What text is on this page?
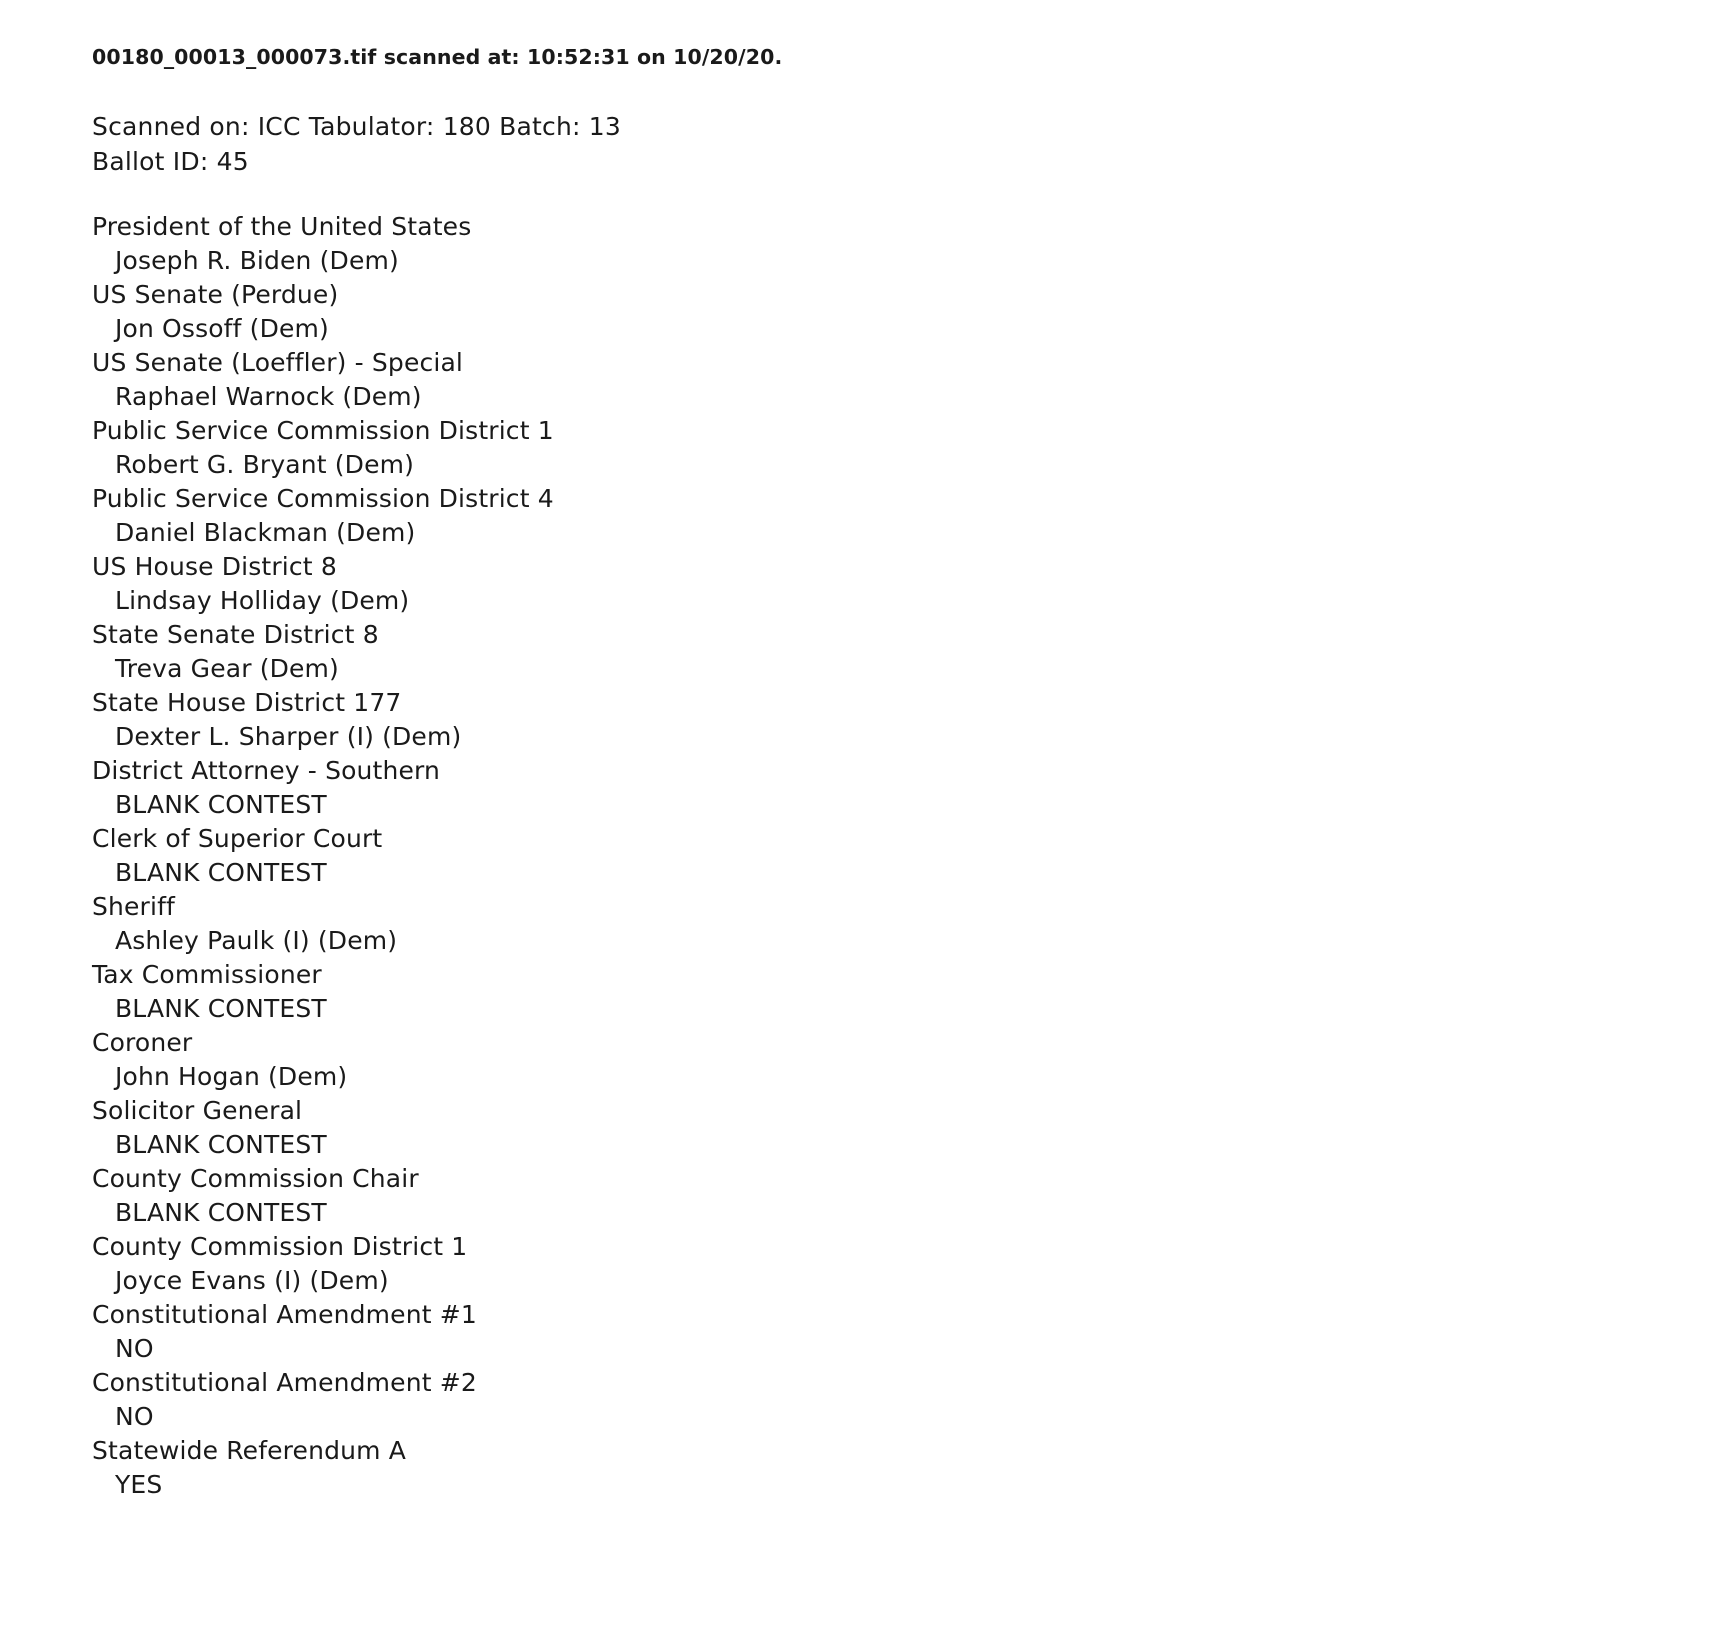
00180_00013_000073.tif scanned at: 10:52:31 on 10/20/20.
Scanned on: ICC Tabulator: 180 Batch: 13
Ballot ID: 45
President of the United States
Joseph R. Biden (Dem)
US Senate (Perdue)
Jon Ossoff (Dem)
US Senate (Loeffler) - Special
Raphael Warnock (Dem)
Public Service Commission District 1
Robert G. Bryant (Dem)
Public Service Commission District 4
Daniel Blackman (Dem)
US House District 8
Lindsay Holliday (Dem)
State Senate District 8
Treva Gear (Dem)
State House District 177
Dexter L. Sharper (I) (Dem)
District Attorney - Southern
BLANK CONTEST
Clerk of Superior Court
BLANK CONTEST
Sheriff
Ashley Paulk (I) (Dem)
Tax Commissioner
BLANK CONTEST
Coroner
John Hogan (Dem)
Solicitor General
BLANK CONTEST
County Commission Chair
BLANK CONTEST
County Commission District 1
Joyce Evans (I) (Dem)
Constitutional Amendment #1
NO
Constitutional Amendment #2
NO
Statewide Referendum A
YES
